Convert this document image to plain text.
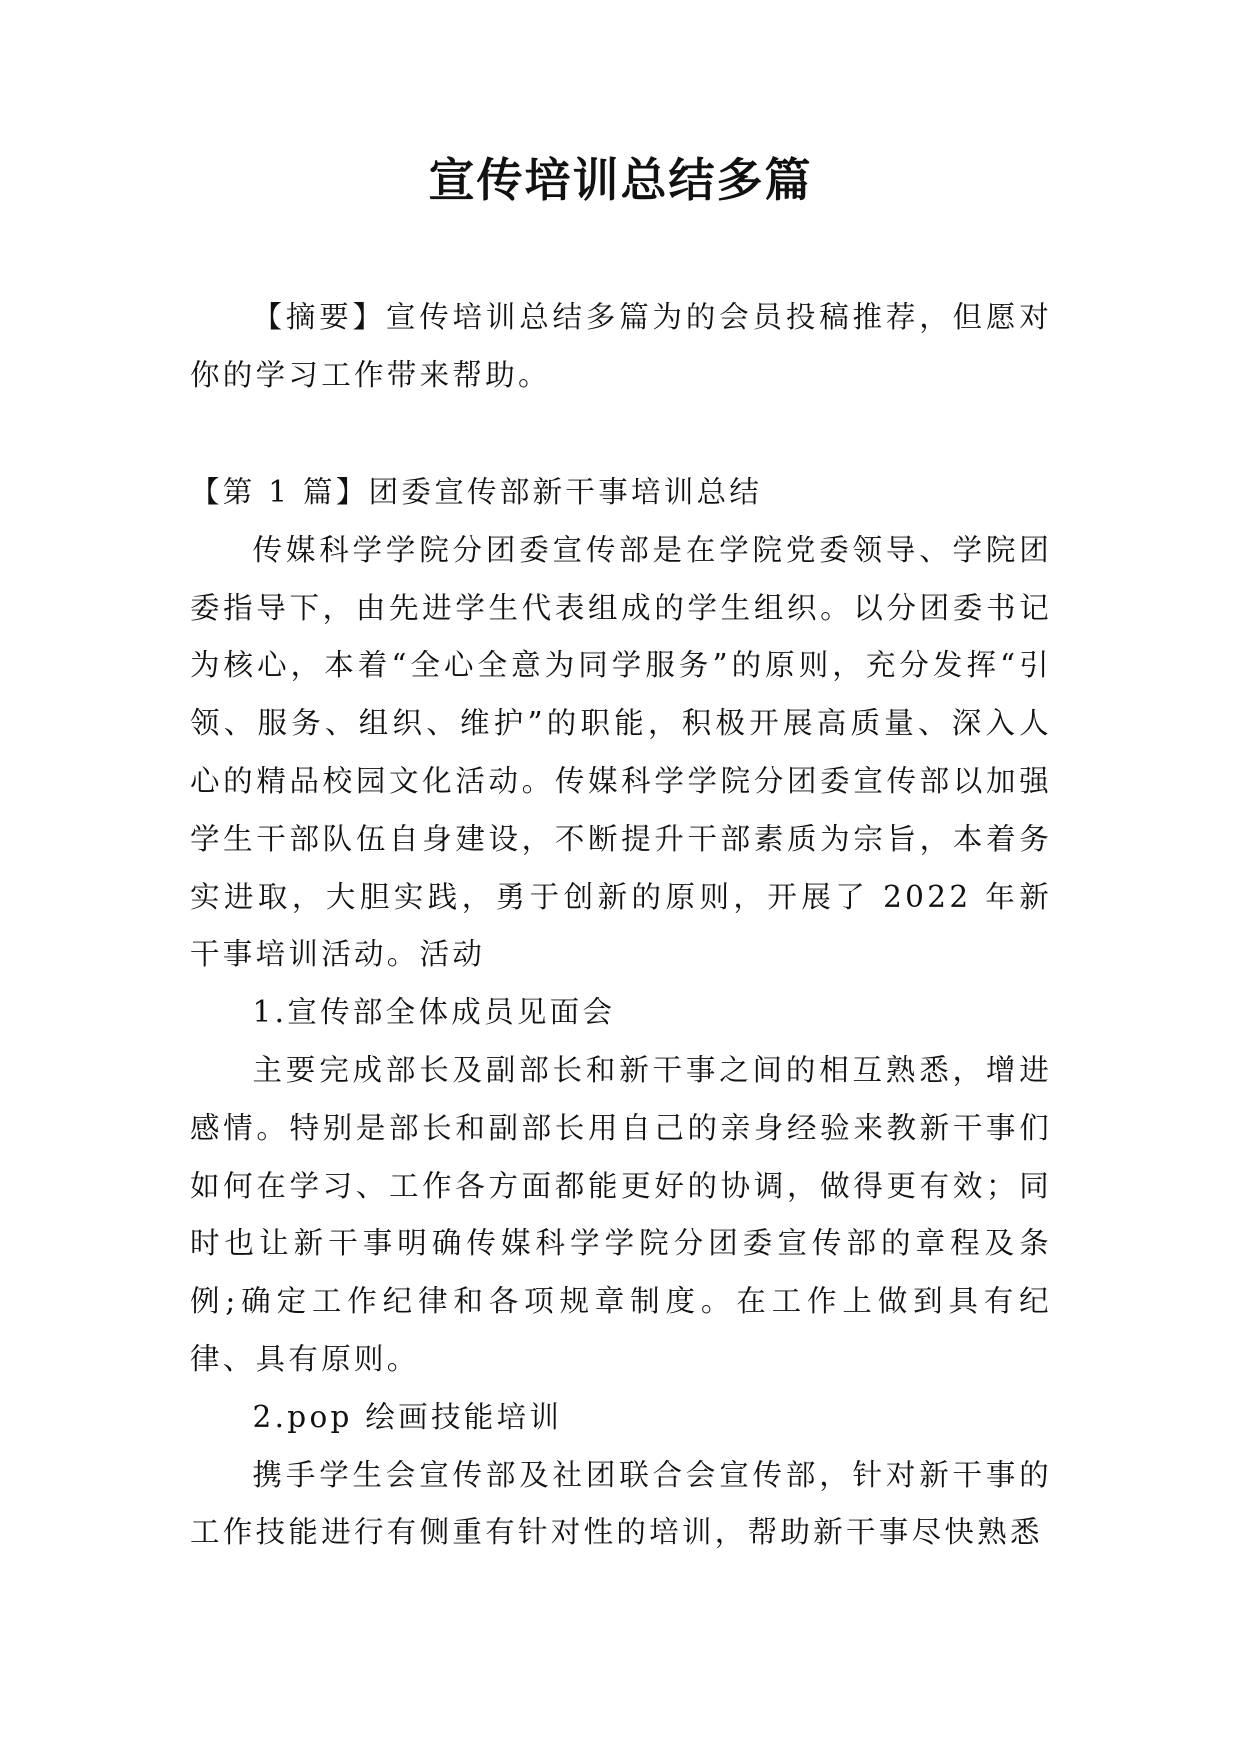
宣传培训总结多篇

【摘要】宣传培训总结多篇为的会员投稿推荐，但愿对你的学习工作带来帮助。

【第 1 篇】团委宣传部新干事培训总结

传媒科学学院分团委宣传部是在学院党委领导、学院团委指导下，由先进学生代表组成的学生组织。以分团委书记为核心，本着“全心全意为同学服务”的原则，充分发挥“引领、服务、组织、维护”的职能，积极开展高质量、深入人心的精品校园文化活动。传媒科学学院分团委宣传部以加强学生干部队伍自身建设，不断提升干部素质为宗旨，本着务实进取，大胆实践，勇于创新的原则，开展了 2022 年新干事培训活动。活动

1.宣传部全体成员见面会

主要完成部长及副部长和新干事之间的相互熟悉，增进感情。特别是部长和副部长用自己的亲身经验来教新干事们如何在学习、工作各方面都能更好的协调，做得更有效；同时也让新干事明确传媒科学学院分团委宣传部的章程及条例;确定工作纪律和各项规章制度。在工作上做到具有纪律、具有原则。

2.pop 绘画技能培训

携手学生会宣传部及社团联合会宣传部，针对新干事的工作技能进行有侧重有针对性的培训，帮助新干事尽快熟悉
